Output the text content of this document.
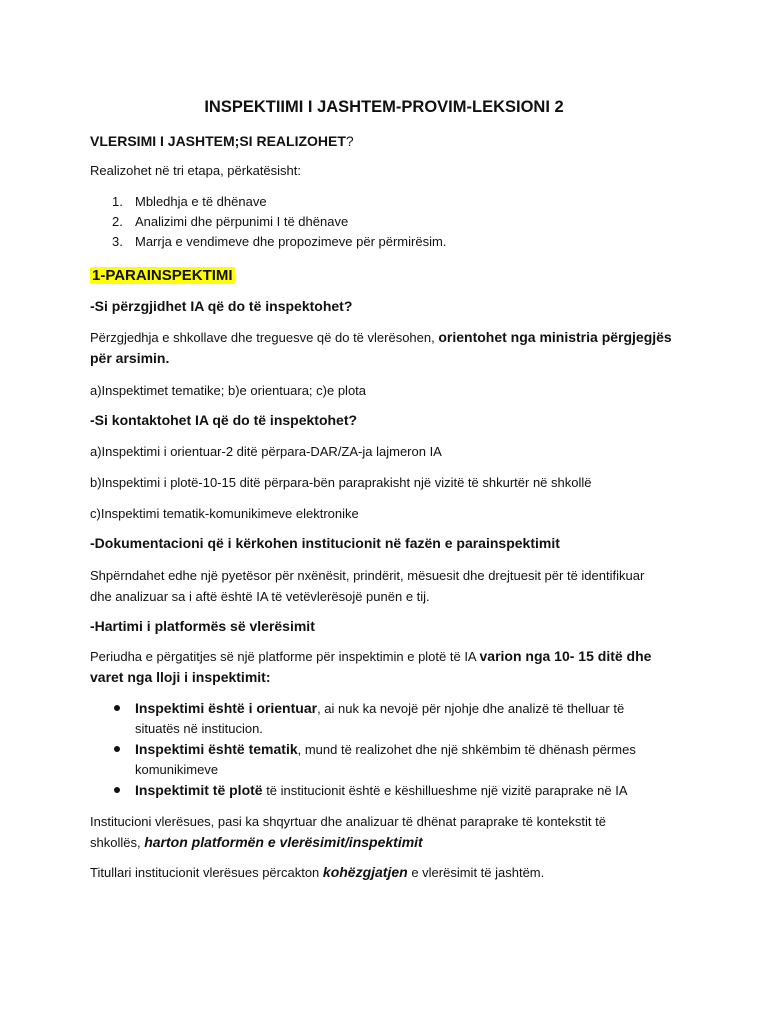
INSPEKTIIMI I JASHTEM-PROVIM-LEKSIONI 2
VLERSIMI I JASHTEM;SI REALIZOHET?
Realizohet në tri etapa, përkatësisht:
1. Mbledhja e të dhënave
2. Analizimi dhe përpunimi I të dhënave
3. Marrja e vendimeve dhe propozimeve për përmirësim.
1-PARAINSPEKTIMI
-Si përzgjidhet IA që do të inspektohet?
Përzgjedhja e shkollave dhe treguesve që do të vlerësohen, orientohet nga ministria përgjegjës për arsimin.
a)Inspektimet tematike; b)e orientuara; c)e plota
-Si kontaktohet IA që do të inspektohet?
a)Inspektimi i orientuar-2 ditë përpara-DAR/ZA-ja lajmeron IA
b)Inspektimi i plotë-10-15 ditë përpara-bën paraprakisht një vizitë të shkurtër në shkollë
c)Inspektimi tematik-komunikimeve elektronike
-Dokumentacioni që i kërkohen institucionit në fazën e parainspektimit
Shpërndahet edhe një pyetësor për nxënësit, prindërit, mësuesit dhe drejtuesit për të identifikuar dhe analizuar sa i aftë është IA të vetëvlerësojë punën e tij.
-Hartimi i platformës së vlerësimit
Periudha e përgatitjes së një platforme për inspektimin e plotë të IA varion nga 10- 15 ditë dhe varet nga lloji i inspektimit:
Inspektimi është i orientuar, ai nuk ka nevojë për njohje dhe analizë të thelluar të situatës në institucion.
Inspektimi është tematik, mund të realizohet dhe një shkëmbim të dhënash përmes komunikimeve
Inspektimit të plotë të institucionit është e këshillueshme një vizitë paraprake në IA
Institucioni vlerësues, pasi ka shqyrtuar dhe analizuar të dhënat paraprake të kontekstit të shkollës, harton platformën e vlerësimit/inspektimit
Titullari institucionit vlerësues përcakton kohëzgjatjen e vlerësimit të jashtëm.
